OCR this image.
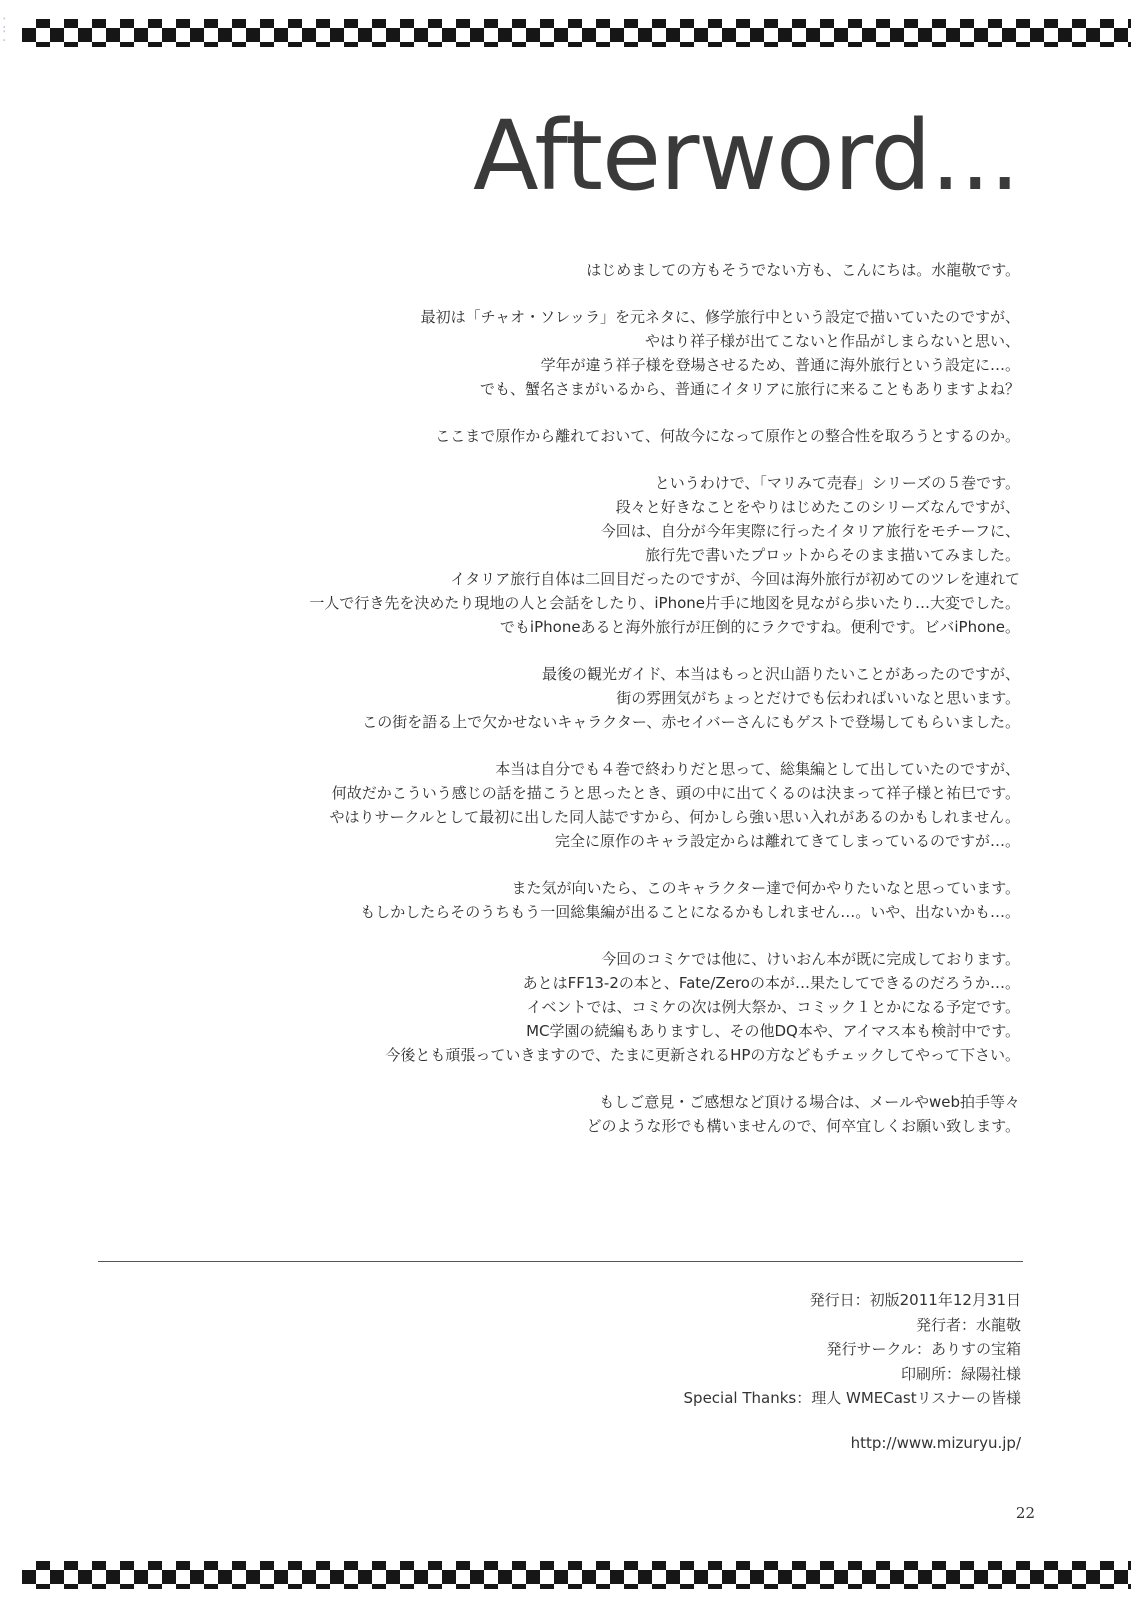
⁚
⁚
Afterword...

はじめましての方もそうでない方も、こんにちは。水龍敬です。

最初は「チャオ・ソレッラ」を元ネタに、修学旅行中という設定で描いていたのですが、
やはり祥子様が出てこないと作品がしまらないと思い、
学年が違う祥子様を登場させるため、普通に海外旅行という設定に…。
でも、蟹名さまがいるから、普通にイタリアに旅行に来ることもありますよね？

ここまで原作から離れておいて、何故今になって原作との整合性を取ろうとするのか。

というわけで、「マリみて売春」シリーズの５巻です。
段々と好きなことをやりはじめたこのシリーズなんですが、
今回は、自分が今年実際に行ったイタリア旅行をモチーフに、
旅行先で書いたプロットからそのまま描いてみました。
イタリア旅行自体は二回目だったのですが、今回は海外旅行が初めてのツレを連れて
一人で行き先を決めたり現地の人と会話をしたり、iPhone片手に地図を見ながら歩いたり…大変でした。
でもiPhoneあると海外旅行が圧倒的にラクですね。便利です。ビバiPhone。

最後の観光ガイド、本当はもっと沢山語りたいことがあったのですが、
街の雰囲気がちょっとだけでも伝わればいいなと思います。
この街を語る上で欠かせないキャラクター、赤セイバーさんにもゲストで登場してもらいました。

本当は自分でも４巻で終わりだと思って、総集編として出していたのですが、
何故だかこういう感じの話を描こうと思ったとき、頭の中に出てくるのは決まって祥子様と祐巳です。
やはりサークルとして最初に出した同人誌ですから、何かしら強い思い入れがあるのかもしれません。
完全に原作のキャラ設定からは離れてきてしまっているのですが…。

また気が向いたら、このキャラクター達で何かやりたいなと思っています。
もしかしたらそのうちもう一回総集編が出ることになるかもしれません…。いや、出ないかも…。

今回のコミケでは他に、けいおん本が既に完成しております。
あとはFF13-2の本と、Fate/Zeroの本が…果たしてできるのだろうか…。
イベントでは、コミケの次は例大祭か、コミック１とかになる予定です。
MC学園の続編もありますし、その他DQ本や、アイマス本も検討中です。
今後とも頑張っていきますので、たまに更新されるHPの方などもチェックしてやって下さい。

もしご意見・ご感想など頂ける場合は、メールやweb拍手等々
どのような形でも構いませんので、何卒宜しくお願い致します。

発行日：初版2011年12月31日
発行者：水龍敬
発行サークル：ありすの宝箱
印刷所：緑陽社様
Special Thanks：理人 WMECastリスナーの皆様
http://www.mizuryu.jp/
22
